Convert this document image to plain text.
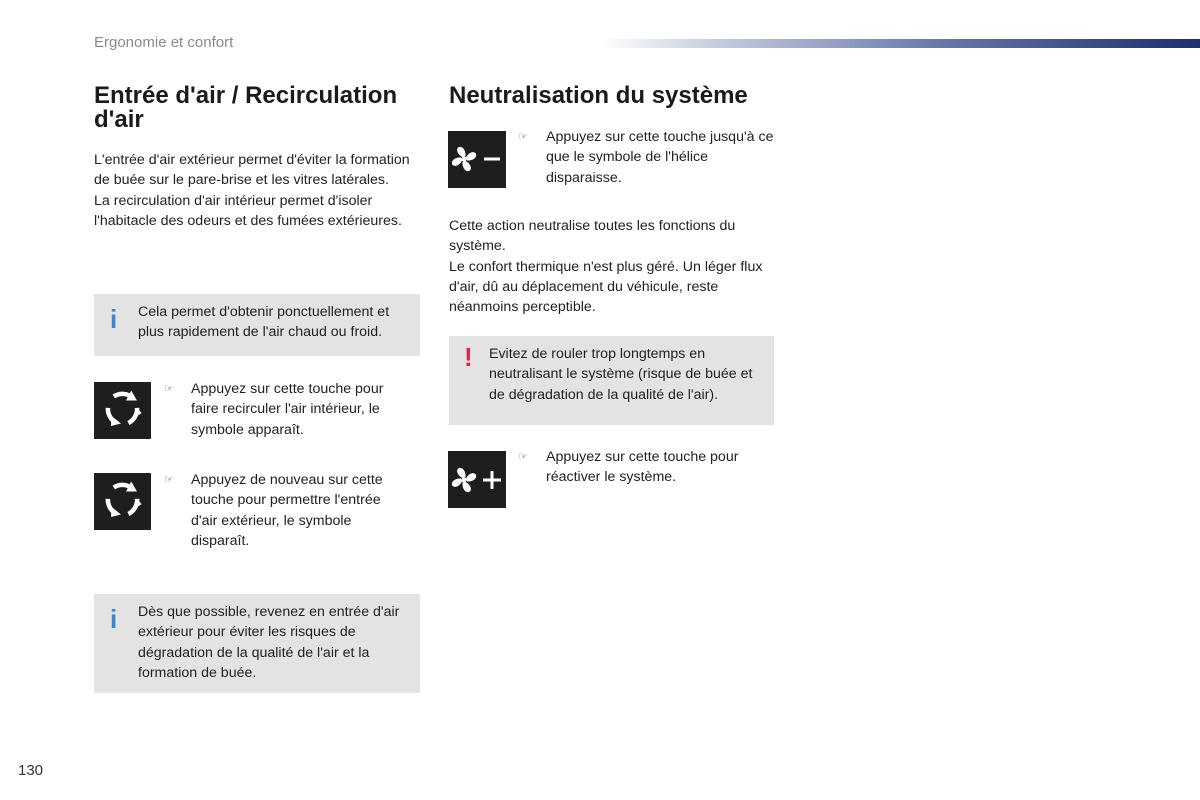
Ergonomie et confort
Entrée d'air / Recirculation d'air

L'entrée d'air extérieur permet d'éviter la formation de buée sur le pare-brise et les vitres latérales.

La recirculation d'air intérieur permet d'isoler l'habitacle des odeurs et des fumées extérieures.

i Cela permet d'obtenir ponctuellement et plus rapidement de l'air chaud ou froid.
☞ Appuyez sur cette touche pour faire recirculer l'air intérieur, le symbole apparaît.
☞ Appuyez de nouveau sur cette touche pour permettre l'entrée d'air extérieur, le symbole disparaît.
i Dès que possible, revenez en entrée d'air extérieur pour éviter les risques de dégradation de la qualité de l'air et la formation de buée.
Neutralisation du système
☞ Appuyez sur cette touche jusqu'à ce que le symbole de l'hélice disparaisse.

Cette action neutralise toutes les fonctions du système.

Le confort thermique n'est plus géré. Un léger flux d'air, dû au déplacement du véhicule, reste néanmoins perceptible.

! Evitez de rouler trop longtemps en neutralisant le système (risque de buée et de dégradation de la qualité de l'air).
☞ Appuyez sur cette touche pour réactiver le système.
130
